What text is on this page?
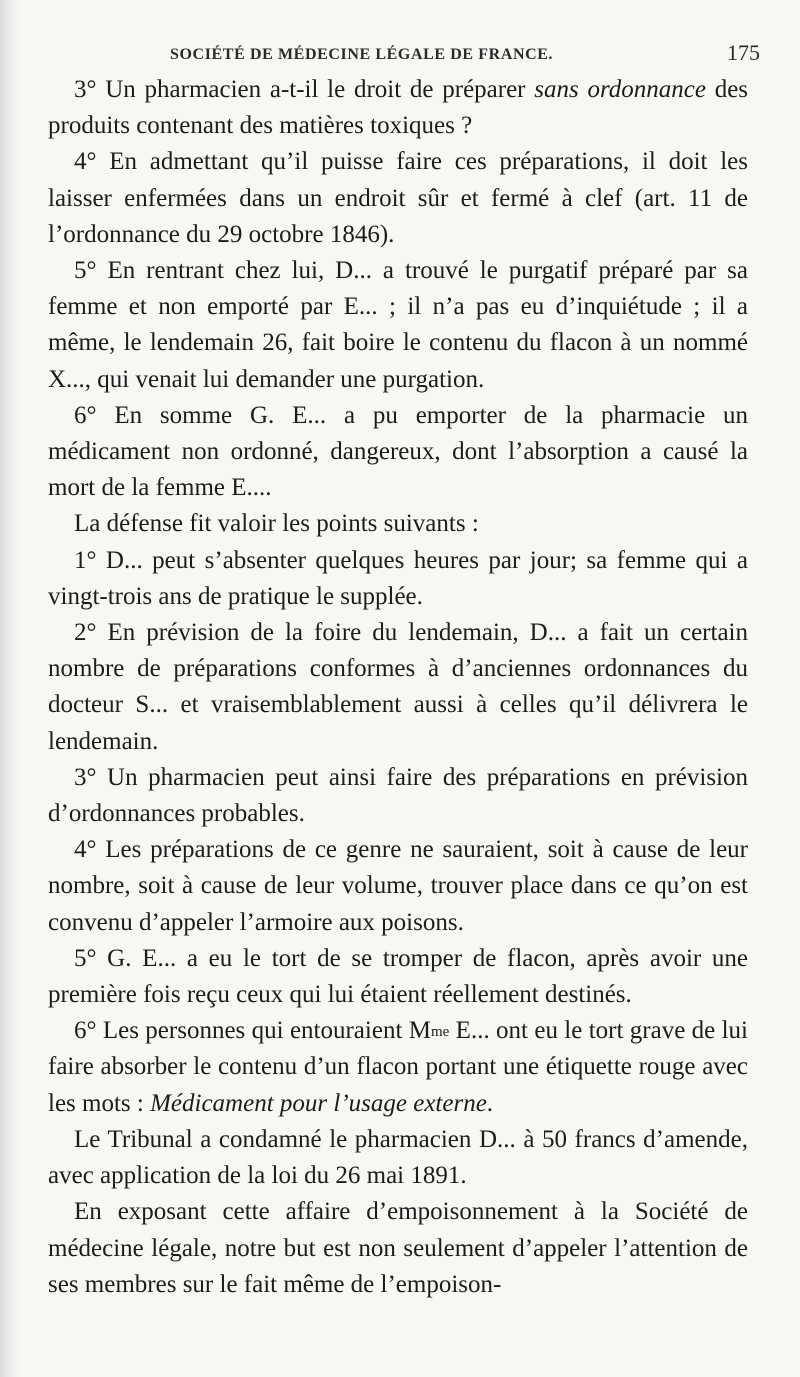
SOCIÉTÉ DE MÉDECINE LÉGALE DE FRANCE.	175

3° Un pharmacien a-t-il le droit de préparer sans ordonnance des produits contenant des matières toxiques ?

4° En admettant qu’il puisse faire ces préparations, il doit les laisser enfermées dans un endroit sûr et fermé à clef (art. 11 de l’ordonnance du 29 octobre 1846).

5° En rentrant chez lui, D... a trouvé le purgatif préparé par sa femme et non emporté par E... ; il n’a pas eu d’inquiétude ; il a même, le lendemain 26, fait boire le contenu du flacon à un nommé X..., qui venait lui demander une purgation.

6° En somme G. E... a pu emporter de la pharmacie un médicament non ordonné, dangereux, dont l’absorption a causé la mort de la femme E....

La défense fit valoir les points suivants :

1° D... peut s’absenter quelques heures par jour; sa femme qui a vingt-trois ans de pratique le supplée.

2° En prévision de la foire du lendemain, D... a fait un certain nombre de préparations conformes à d’anciennes ordonnances du docteur S... et vraisemblablement aussi à celles qu’il délivrera le lendemain.

3° Un pharmacien peut ainsi faire des préparations en prévision d’ordonnances probables.

4° Les préparations de ce genre ne sauraient, soit à cause de leur nombre, soit à cause de leur volume, trouver place dans ce qu’on est convenu d’appeler l’armoire aux poisons.

5° G. E... a eu le tort de se tromper de flacon, après avoir une première fois reçu ceux qui lui étaient réellement destinés.

6° Les personnes qui entouraient $M^{me}$ E... ont eu le tort grave de lui faire absorber le contenu d’un flacon portant une étiquette rouge avec les mots : Médicament pour l’usage externe.

Le Tribunal a condamné le pharmacien D... à 50 francs d’amende, avec application de la loi du 26 mai 1891.

En exposant cette affaire d’empoisonnement à la Société de médecine légale, notre but est non seulement d’appeler l’attention de ses membres sur le fait même de l’empoison-
